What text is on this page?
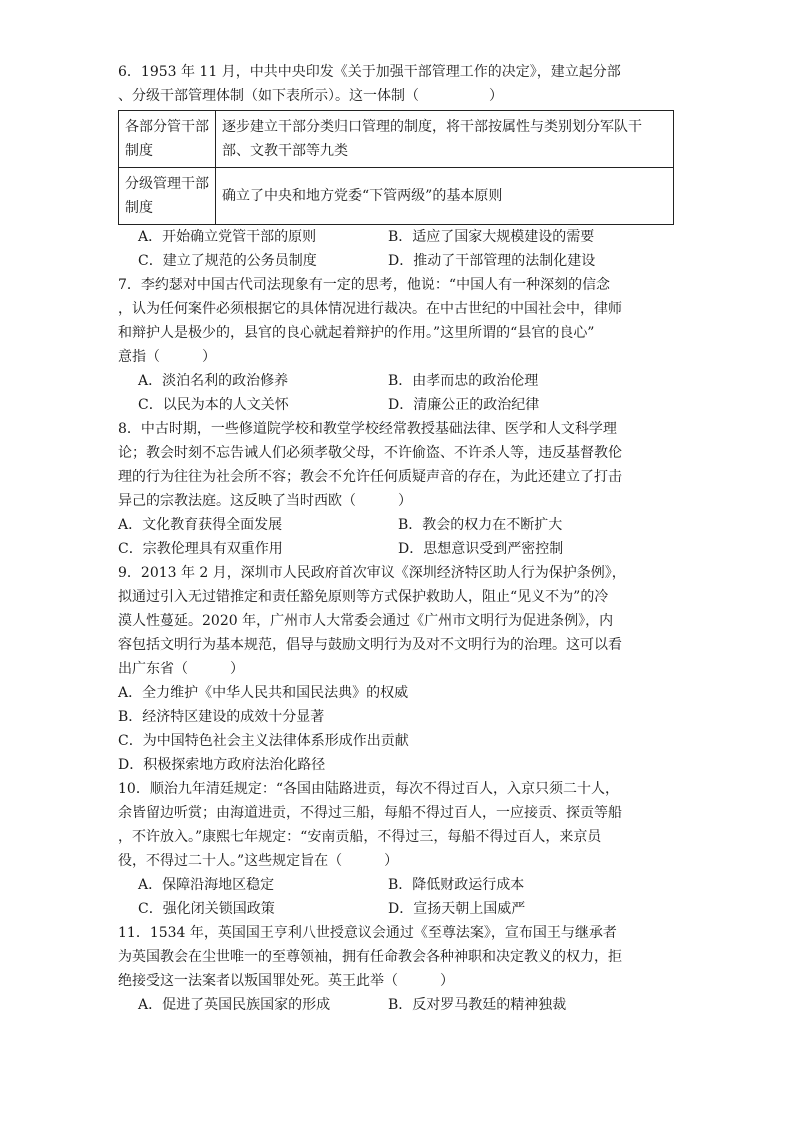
6．1953 年 11 月，中共中央印发《关于加强干部管理工作的决定》，建立起分部
、分级干部管理体制（如下表所示）。这一体制（　　　　　）
各部分管干部制度	逐步建立干部分类归口管理的制度，将干部按属性与类别划分军队干部、文教干部等九类
分级管理干部制度	确立了中央和地方党委“下管两级”的基本原则
A．开始确立党管干部的原则	B．适应了国家大规模建设的需要
C．建立了规范的公务员制度	D．推动了干部管理的法制化建设
7．李约瑟对中国古代司法现象有一定的思考，他说：“中国人有一种深刻的信念
，认为任何案件必须根据它的具体情况进行裁决。在中古世纪的中国社会中，律师
和辩护人是极少的，县官的良心就起着辩护的作用。”这里所谓的“县官的良心”
意指（　　　）
A．淡泊名利的政治修养	B．由孝而忠的政治伦理
C．以民为本的人文关怀	D．清廉公正的政治纪律
8．中古时期，一些修道院学校和教堂学校经常教授基础法律、医学和人文科学理
论；教会时刻不忘告诫人们必须孝敬父母，不许偷盗、不许杀人等，违反基督教伦
理的行为往往为社会所不容；教会不允许任何质疑声音的存在，为此还建立了打击
异己的宗教法庭。这反映了当时西欧（　　　）
A．文化教育获得全面发展	B．教会的权力在不断扩大
C．宗教伦理具有双重作用	D．思想意识受到严密控制
9．2013 年 2 月，深圳市人民政府首次审议《深圳经济特区助人行为保护条例》，
拟通过引入无过错推定和责任豁免原则等方式保护救助人，阻止“见义不为”的冷
漠人性蔓延。2020 年，广州市人大常委会通过《广州市文明行为促进条例》，内
容包括文明行为基本规范，倡导与鼓励文明行为及对不文明行为的治理。这可以看
出广东省（　　　）
A．全力维护《中华人民共和国民法典》的权威
B．经济特区建设的成效十分显著
C．为中国特色社会主义法律体系形成作出贡献
D．积极探索地方政府法治化路径
10．顺治九年清廷规定：“各国由陆路进贡，每次不得过百人，入京只须二十人，
余皆留边听赏；由海道进贡，不得过三船，每船不得过百人，一应接贡、探贡等船
，不许放入。”康熙七年规定：“安南贡船，不得过三，每船不得过百人，来京员
役，不得过二十人。”这些规定旨在（　　　）
A．保障沿海地区稳定	B．降低财政运行成本
C．强化闭关锁国政策	D．宣扬天朝上国威严
11．1534 年，英国国王亨利八世授意议会通过《至尊法案》，宣布国王与继承者
为英国教会在尘世唯一的至尊领袖，拥有任命教会各种神职和决定教义的权力，拒
绝接受这一法案者以叛国罪处死。英王此举（　　　）
A．促进了英国民族国家的形成	B．反对罗马教廷的精神独裁
